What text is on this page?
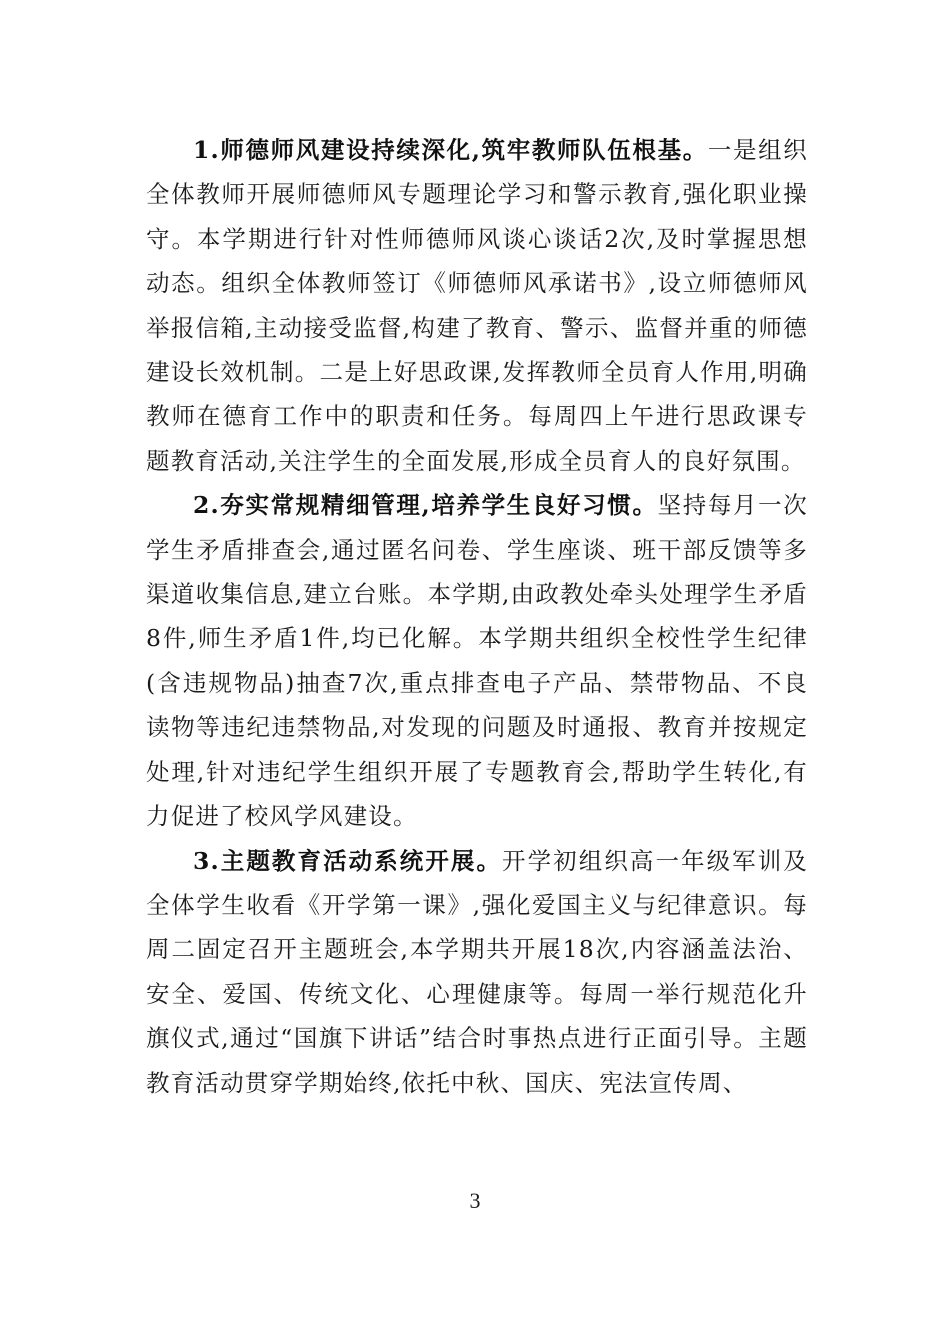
1.师德师风建设持续深化,筑牢教师队伍根基。一是组织全体教师开展师德师风专题理论学习和警示教育,强化职业操守。本学期进行针对性师德师风谈心谈话2次,及时掌握思想动态。组织全体教师签订《师德师风承诺书》,设立师德师风举报信箱,主动接受监督,构建了教育、警示、监督并重的师德建设长效机制。二是上好思政课,发挥教师全员育人作用,明确教师在德育工作中的职责和任务。每周四上午进行思政课专题教育活动,关注学生的全面发展,形成全员育人的良好氛围。

2.夯实常规精细管理,培养学生良好习惯。坚持每月一次学生矛盾排查会,通过匿名问卷、学生座谈、班干部反馈等多渠道收集信息,建立台账。本学期,由政教处牵头处理学生矛盾8件,师生矛盾1件,均已化解。本学期共组织全校性学生纪律(含违规物品)抽查7次,重点排查电子产品、禁带物品、不良读物等违纪违禁物品,对发现的问题及时通报、教育并按规定处理,针对违纪学生组织开展了专题教育会,帮助学生转化,有力促进了校风学风建设。

3.主题教育活动系统开展。开学初组织高一年级军训及全体学生收看《开学第一课》,强化爱国主义与纪律意识。每周二固定召开主题班会,本学期共开展18次,内容涵盖法治、安全、爱国、传统文化、心理健康等。每周一举行规范化升旗仪式,通过“国旗下讲话”结合时事热点进行正面引导。主题教育活动贯穿学期始终,依托中秋、国庆、宪法宣传周、

3
